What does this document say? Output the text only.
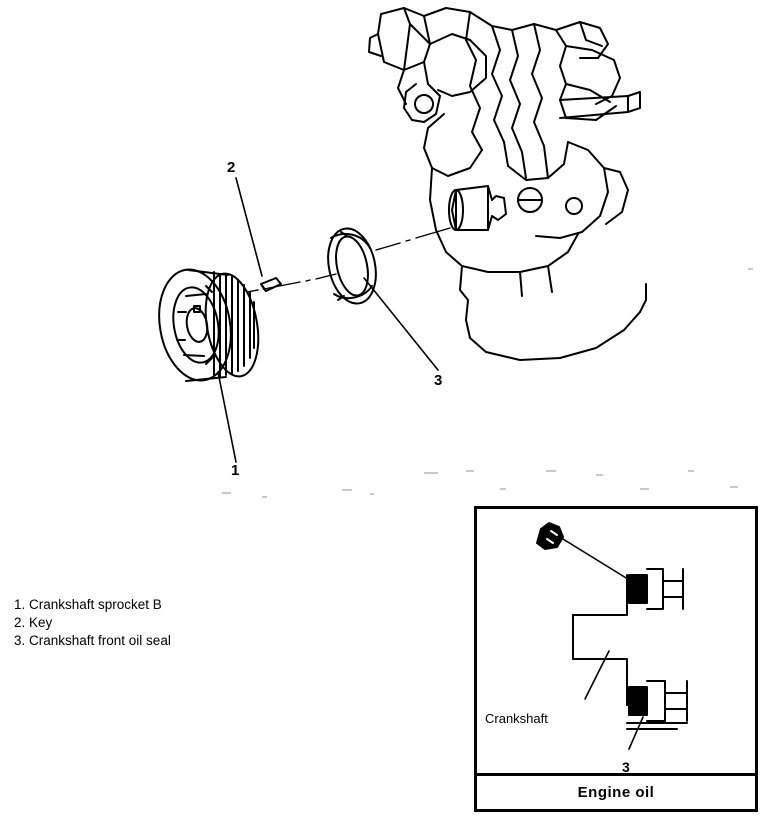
2
3
1
1. Crankshaft sprocket B
2. Key
3. Crankshaft front oil seal
Crankshaft
3
Engine oil
